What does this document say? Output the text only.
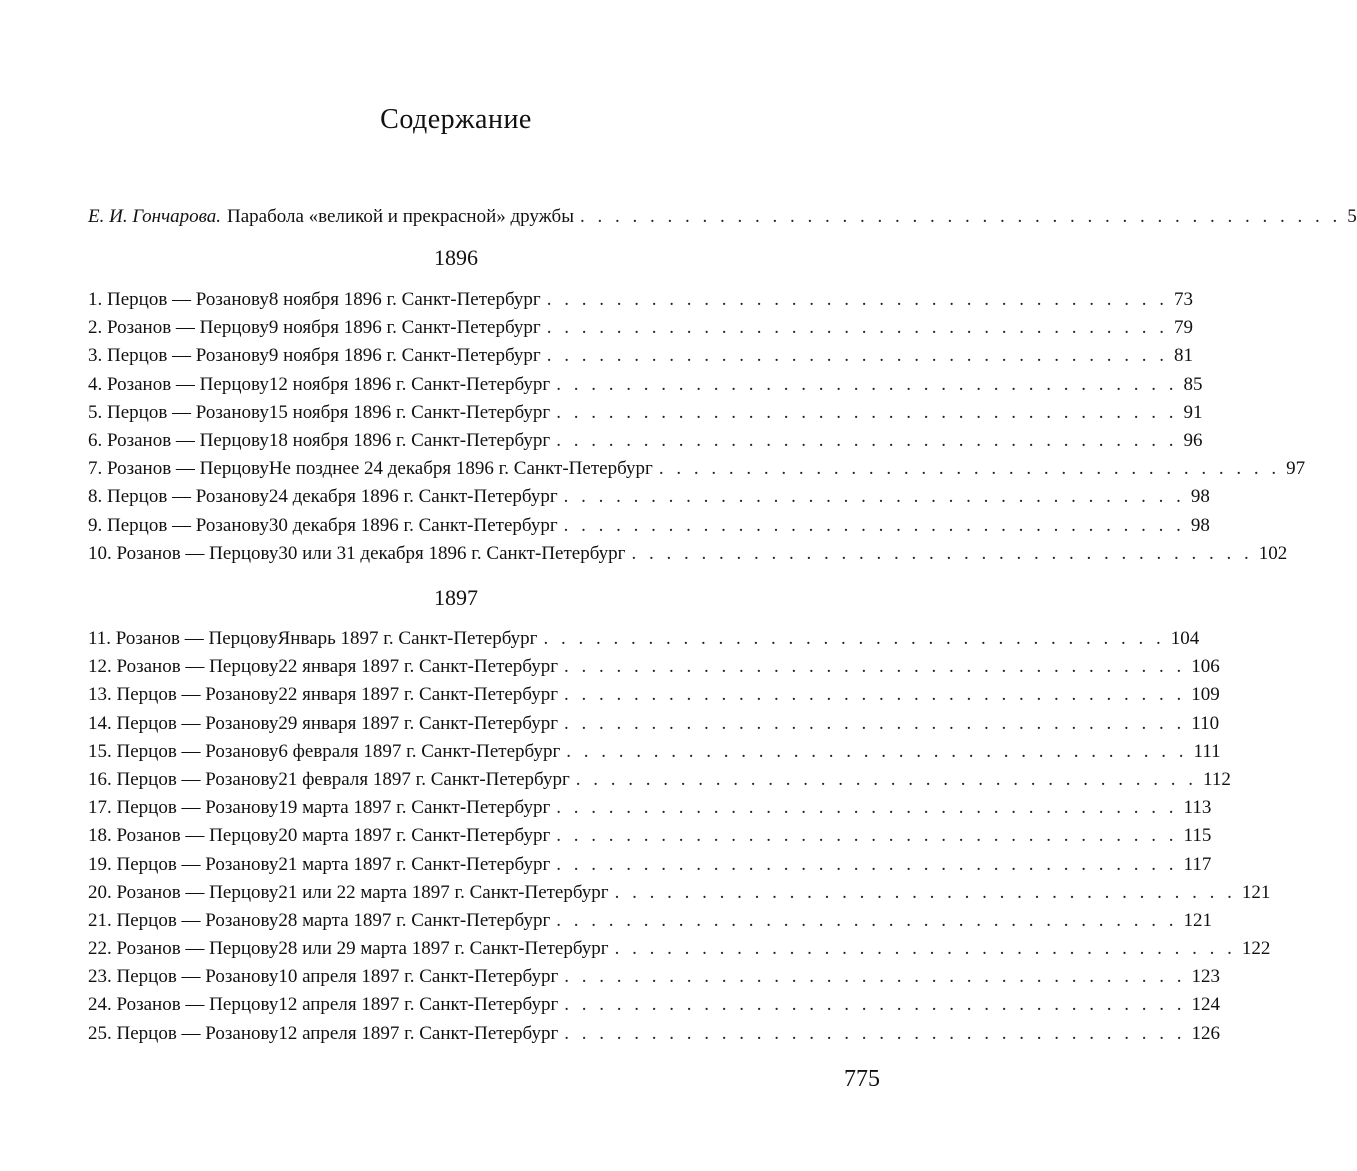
Содержание
Е. И. Гончарова. Парабола «великой и прекрасной» дружбы . . . . . . . . . . . . . . . . . . . . . . . . . . . . . . . . . . . . . . . . . . . . 5
1896
1. Перцов — Розанову 8 ноября 1896 г. Санкт-Петербург . . . . . . . . . . . . . . . . . . . . . . . . . . . . . . . . . . . . 73
2. Розанов — Перцову 9 ноября 1896 г. Санкт-Петербург . . . . . . . . . . . . . . . . . . . . . . . . . . . . . . . . . . . . 79
3. Перцов — Розанову 9 ноября 1896 г. Санкт-Петербург . . . . . . . . . . . . . . . . . . . . . . . . . . . . . . . . . . . . 81
4. Розанов — Перцову 12 ноября 1896 г. Санкт-Петербург . . . . . . . . . . . . . . . . . . . . . . . . . . . . . . . . . . . . 85
5. Перцов — Розанову 15 ноября 1896 г. Санкт-Петербург . . . . . . . . . . . . . . . . . . . . . . . . . . . . . . . . . . . . 91
6. Розанов — Перцову 18 ноября 1896 г. Санкт-Петербург . . . . . . . . . . . . . . . . . . . . . . . . . . . . . . . . . . . . 96
7. Розанов — Перцову Не позднее 24 декабря 1896 г. Санкт-Петербург . . . . . . . . . . . . . . . . . . . . . . . . . . . . . . . . . . . . 97
8. Перцов — Розанову 24 декабря 1896 г. Санкт-Петербург . . . . . . . . . . . . . . . . . . . . . . . . . . . . . . . . . . . . 98
9. Перцов — Розанову 30 декабря 1896 г. Санкт-Петербург . . . . . . . . . . . . . . . . . . . . . . . . . . . . . . . . . . . . 98
10. Розанов — Перцову 30 или 31 декабря 1896 г. Санкт-Петербург . . . . . . . . . . . . . . . . . . . . . . . . . . . . . . . . . . . . 102
1897
11. Розанов — Перцову Январь 1897 г. Санкт-Петербург . . . . . . . . . . . . . . . . . . . . . . . . . . . . . . . . . . . . 104
12. Розанов — Перцову 22 января 1897 г. Санкт-Петербург . . . . . . . . . . . . . . . . . . . . . . . . . . . . . . . . . . . . 106
13. Перцов — Розанову 22 января 1897 г. Санкт-Петербург . . . . . . . . . . . . . . . . . . . . . . . . . . . . . . . . . . . . 109
14. Перцов — Розанову 29 января 1897 г. Санкт-Петербург . . . . . . . . . . . . . . . . . . . . . . . . . . . . . . . . . . . . 110
15. Перцов — Розанову 6 февраля 1897 г. Санкт-Петербург . . . . . . . . . . . . . . . . . . . . . . . . . . . . . . . . . . . . 111
16. Перцов — Розанову 21 февраля 1897 г. Санкт-Петербург . . . . . . . . . . . . . . . . . . . . . . . . . . . . . . . . . . . . 112
17. Перцов — Розанову 19 марта 1897 г. Санкт-Петербург . . . . . . . . . . . . . . . . . . . . . . . . . . . . . . . . . . . . 113
18. Розанов — Перцову 20 марта 1897 г. Санкт-Петербург . . . . . . . . . . . . . . . . . . . . . . . . . . . . . . . . . . . . 115
19. Перцов — Розанову 21 марта 1897 г. Санкт-Петербург . . . . . . . . . . . . . . . . . . . . . . . . . . . . . . . . . . . . 117
20. Розанов — Перцову 21 или 22 марта 1897 г. Санкт-Петербург . . . . . . . . . . . . . . . . . . . . . . . . . . . . . . . . . . . . 121
21. Перцов — Розанову 28 марта 1897 г. Санкт-Петербург . . . . . . . . . . . . . . . . . . . . . . . . . . . . . . . . . . . . 121
22. Розанов — Перцову 28 или 29 марта 1897 г. Санкт-Петербург . . . . . . . . . . . . . . . . . . . . . . . . . . . . . . . . . . . . 122
23. Перцов — Розанову 10 апреля 1897 г. Санкт-Петербург . . . . . . . . . . . . . . . . . . . . . . . . . . . . . . . . . . . . 123
24. Розанов — Перцову 12 апреля 1897 г. Санкт-Петербург . . . . . . . . . . . . . . . . . . . . . . . . . . . . . . . . . . . . 124
25. Перцов — Розанову 12 апреля 1897 г. Санкт-Петербург . . . . . . . . . . . . . . . . . . . . . . . . . . . . . . . . . . . . 126
775
